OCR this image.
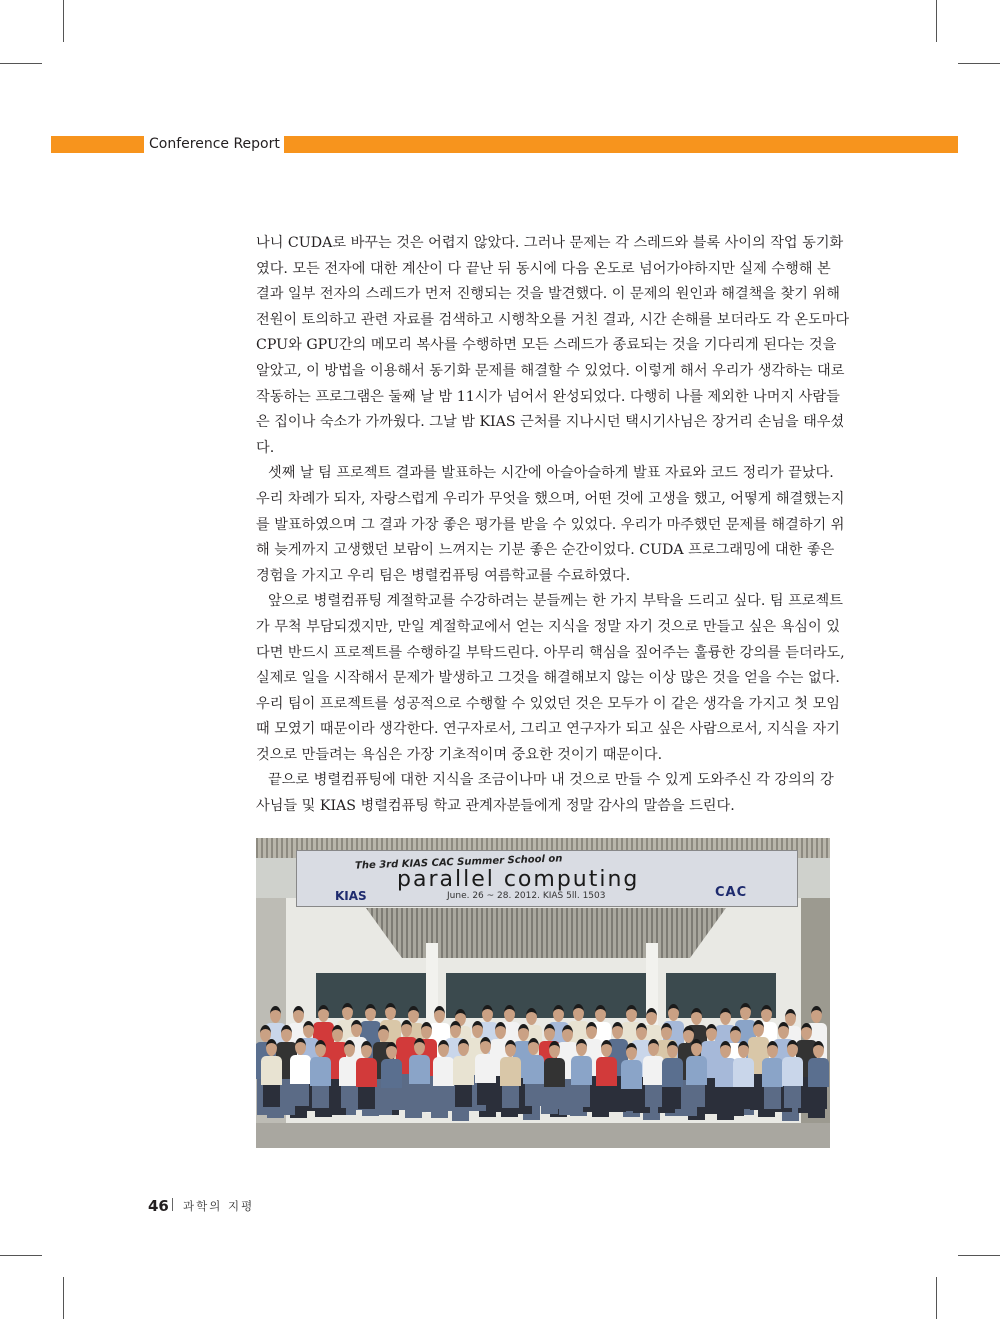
Conference Report
나니 CUDA로 바꾸는 것은 어렵지 않았다. 그러나 문제는 각 스레드와 블록 사이의 작업 동기화
였다. 모든 전자에 대한 계산이 다 끝난 뒤 동시에 다음 온도로 넘어가야하지만 실제 수행해 본
결과 일부 전자의 스레드가 먼저 진행되는 것을 발견했다. 이 문제의 원인과 해결책을 찾기 위해
전원이 토의하고 관련 자료를 검색하고 시행착오를 거친 결과, 시간 손해를 보더라도 각 온도마다
CPU와 GPU간의 메모리 복사를 수행하면 모든 스레드가 종료되는 것을 기다리게 된다는 것을
알았고, 이 방법을 이용해서 동기화 문제를 해결할 수 있었다. 이렇게 해서 우리가 생각하는 대로
작동하는 프로그램은 둘째 날 밤 11시가 넘어서 완성되었다. 다행히 나를 제외한 나머지 사람들
은 집이나 숙소가 가까웠다. 그날 밤 KIAS 근처를 지나시던 택시기사님은 장거리 손님을 태우셨
다.
셋째 날 팀 프로젝트 결과를 발표하는 시간에 아슬아슬하게 발표 자료와 코드 정리가 끝났다.
우리 차례가 되자, 자랑스럽게 우리가 무엇을 했으며, 어떤 것에 고생을 했고, 어떻게 해결했는지
를 발표하였으며 그 결과 가장 좋은 평가를 받을 수 있었다. 우리가 마주했던 문제를 해결하기 위
해 늦게까지 고생했던 보람이 느껴지는 기분 좋은 순간이었다. CUDA 프로그래밍에 대한 좋은
경험을 가지고 우리 팀은 병렬컴퓨팅 여름학교를 수료하였다.
앞으로 병렬컴퓨팅 계절학교를 수강하려는 분들께는 한 가지 부탁을 드리고 싶다. 팀 프로젝트
가 무척 부담되겠지만, 만일 계절학교에서 얻는 지식을 정말 자기 것으로 만들고 싶은 욕심이 있
다면 반드시 프로젝트를 수행하길 부탁드린다. 아무리 핵심을 짚어주는 훌륭한 강의를 듣더라도,
실제로 일을 시작해서 문제가 발생하고 그것을 해결해보지 않는 이상 많은 것을 얻을 수는 없다.
우리 팀이 프로젝트를 성공적으로 수행할 수 있었던 것은 모두가 이 같은 생각을 가지고 첫 모임
때 모였기 때문이라 생각한다. 연구자로서, 그리고 연구자가 되고 싶은 사람으로서, 지식을 자기
것으로 만들려는 욕심은 가장 기초적이며 중요한 것이기 때문이다.
끝으로 병렬컴퓨팅에 대한 지식을 조금이나마 내 것으로 만들 수 있게 도와주신 각 강의의 강
사님들 및 KIAS 병렬컴퓨팅 학교 관계자분들에게 정말 감사의 말씀을 드린다.
The 3rd KIAS CAC Summer School on
parallel computing
June. 26 ~ 28. 2012. KIAS 5ll. 1503
KIAS	CAC
46 과학의 지평
